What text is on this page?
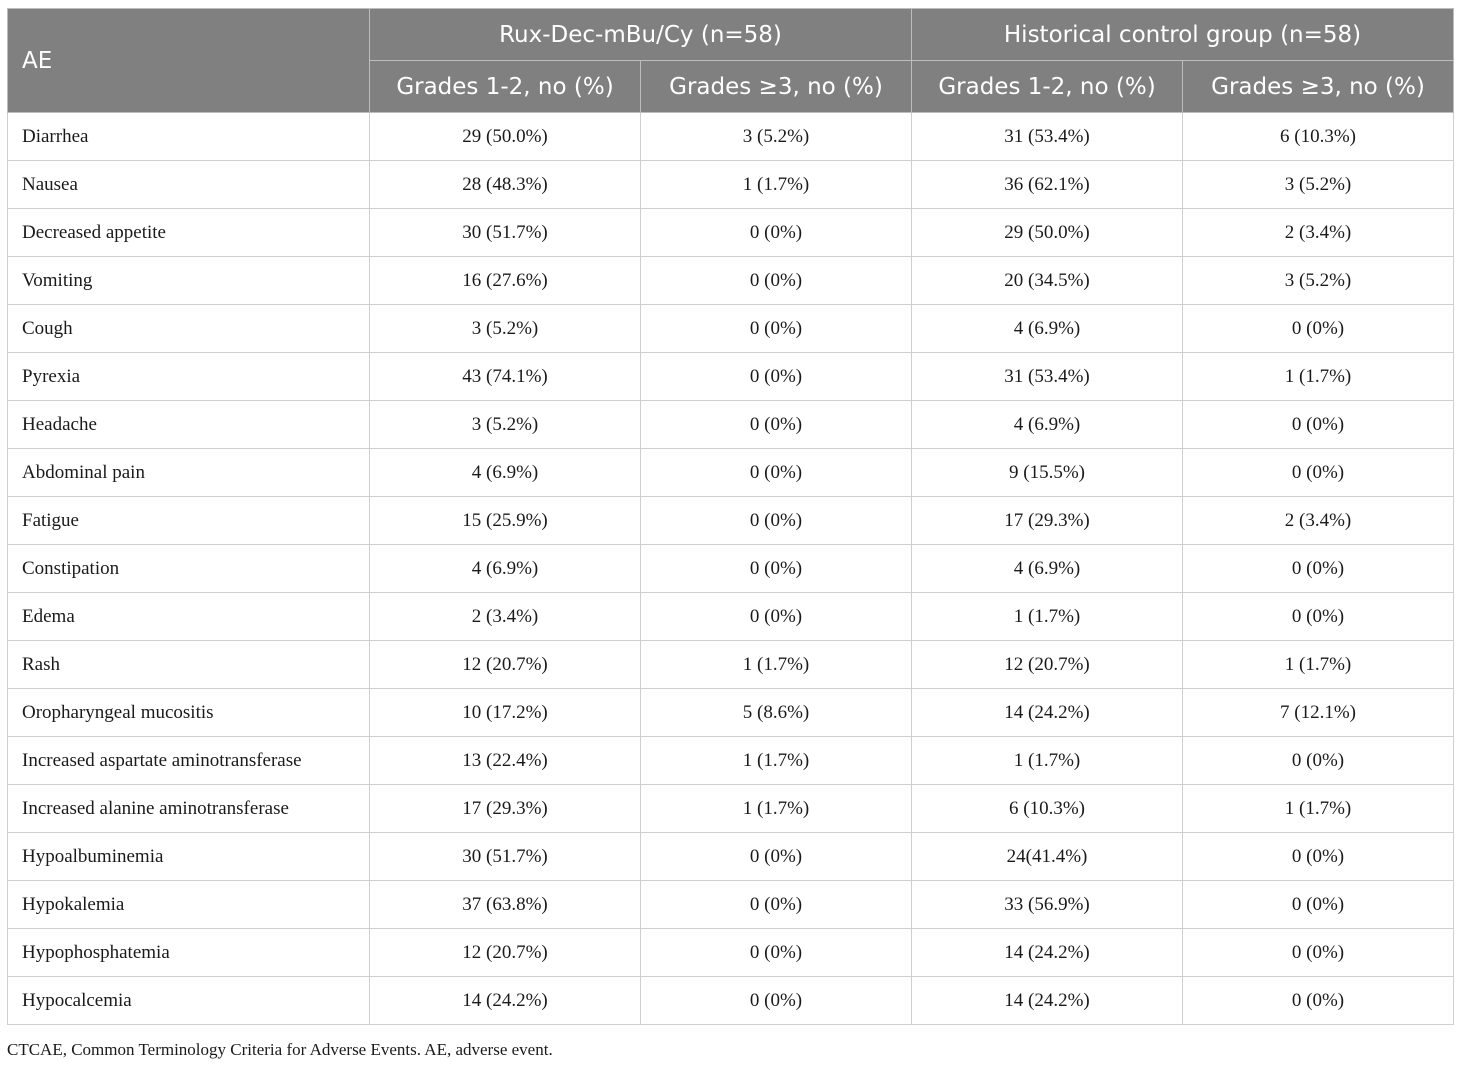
AE	Rux-Dec-mBu/Cy (n=58)		Historical control group (n=58)	
	Grades 1-2, no (%)	Grades ≥3, no (%)	Grades 1-2, no (%)	Grades ≥3, no (%)
Diarrhea	29 (50.0%)	3 (5.2%)	31 (53.4%)	6 (10.3%)
Nausea	28 (48.3%)	1 (1.7%)	36 (62.1%)	3 (5.2%)
Decreased appetite	30 (51.7%)	0 (0%)	29 (50.0%)	2 (3.4%)
Vomiting	16 (27.6%)	0 (0%)	20 (34.5%)	3 (5.2%)
Cough	3 (5.2%)	0 (0%)	4 (6.9%)	0 (0%)
Pyrexia	43 (74.1%)	0 (0%)	31 (53.4%)	1 (1.7%)
Headache	3 (5.2%)	0 (0%)	4 (6.9%)	0 (0%)
Abdominal pain	4 (6.9%)	0 (0%)	9 (15.5%)	0 (0%)
Fatigue	15 (25.9%)	0 (0%)	17 (29.3%)	2 (3.4%)
Constipation	4 (6.9%)	0 (0%)	4 (6.9%)	0 (0%)
Edema	2 (3.4%)	0 (0%)	1 (1.7%)	0 (0%)
Rash	12 (20.7%)	1 (1.7%)	12 (20.7%)	1 (1.7%)
Oropharyngeal mucositis	10 (17.2%)	5 (8.6%)	14 (24.2%)	7 (12.1%)
Increased aspartate aminotransferase	13 (22.4%)	1 (1.7%)	1 (1.7%)	0 (0%)
Increased alanine aminotransferase	17 (29.3%)	1 (1.7%)	6 (10.3%)	1 (1.7%)
Hypoalbuminemia	30 (51.7%)	0 (0%)	24(41.4%)	0 (0%)
Hypokalemia	37 (63.8%)	0 (0%)	33 (56.9%)	0 (0%)
Hypophosphatemia	12 (20.7%)	0 (0%)	14 (24.2%)	0 (0%)
Hypocalcemia	14 (24.2%)	0 (0%)	14 (24.2%)	0 (0%)

CTCAE, Common Terminology Criteria for Adverse Events. AE, adverse event.
